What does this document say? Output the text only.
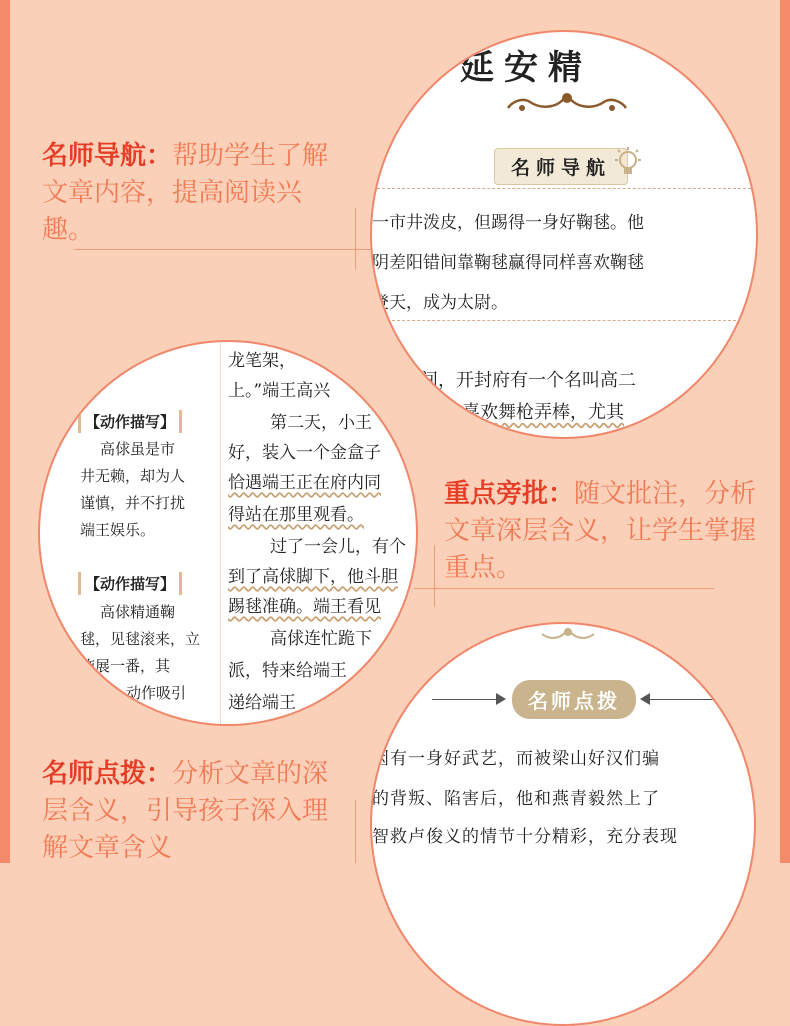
名师导航：帮助学生了解文章内容，提高阅读兴趣。
重点旁批：随文批注，分析文章深层含义，让学生掌握重点。
名师点拨：分析文章的深层含义，引导孩子深入理解文章含义
延安精
名师导航
一市井泼皮，但踢得一身好鞠毬。他
阴差阳错间靠鞠毬赢得同样喜欢鞠毬
登天，成为太尉。
期间，开封府有一个名叫高二
喜欢舞枪弄棒，尤其
【动作描写】
高俅虽是市
井无赖，却为人
谨慎，并不打扰
端王娱乐。
【动作描写】
高俅精通鞠
毬，见毬滚来，立
施展一番，其
动作吸引
龙笔架，
上。”端王高兴
第二天，小王
好，装入一个金盒子
恰遇端王正在府内同
得站在那里观看。
过了一会儿，有个
到了高俅脚下，他斗胆
踢毬准确。端王看见
高俅连忙跪下
派，特来给端王
递给端王	名师点拨
因有一身好武艺，而被梁山好汉们骗
的背叛、陷害后，他和燕青毅然上了
智救卢俊义的情节十分精彩，充分表现
